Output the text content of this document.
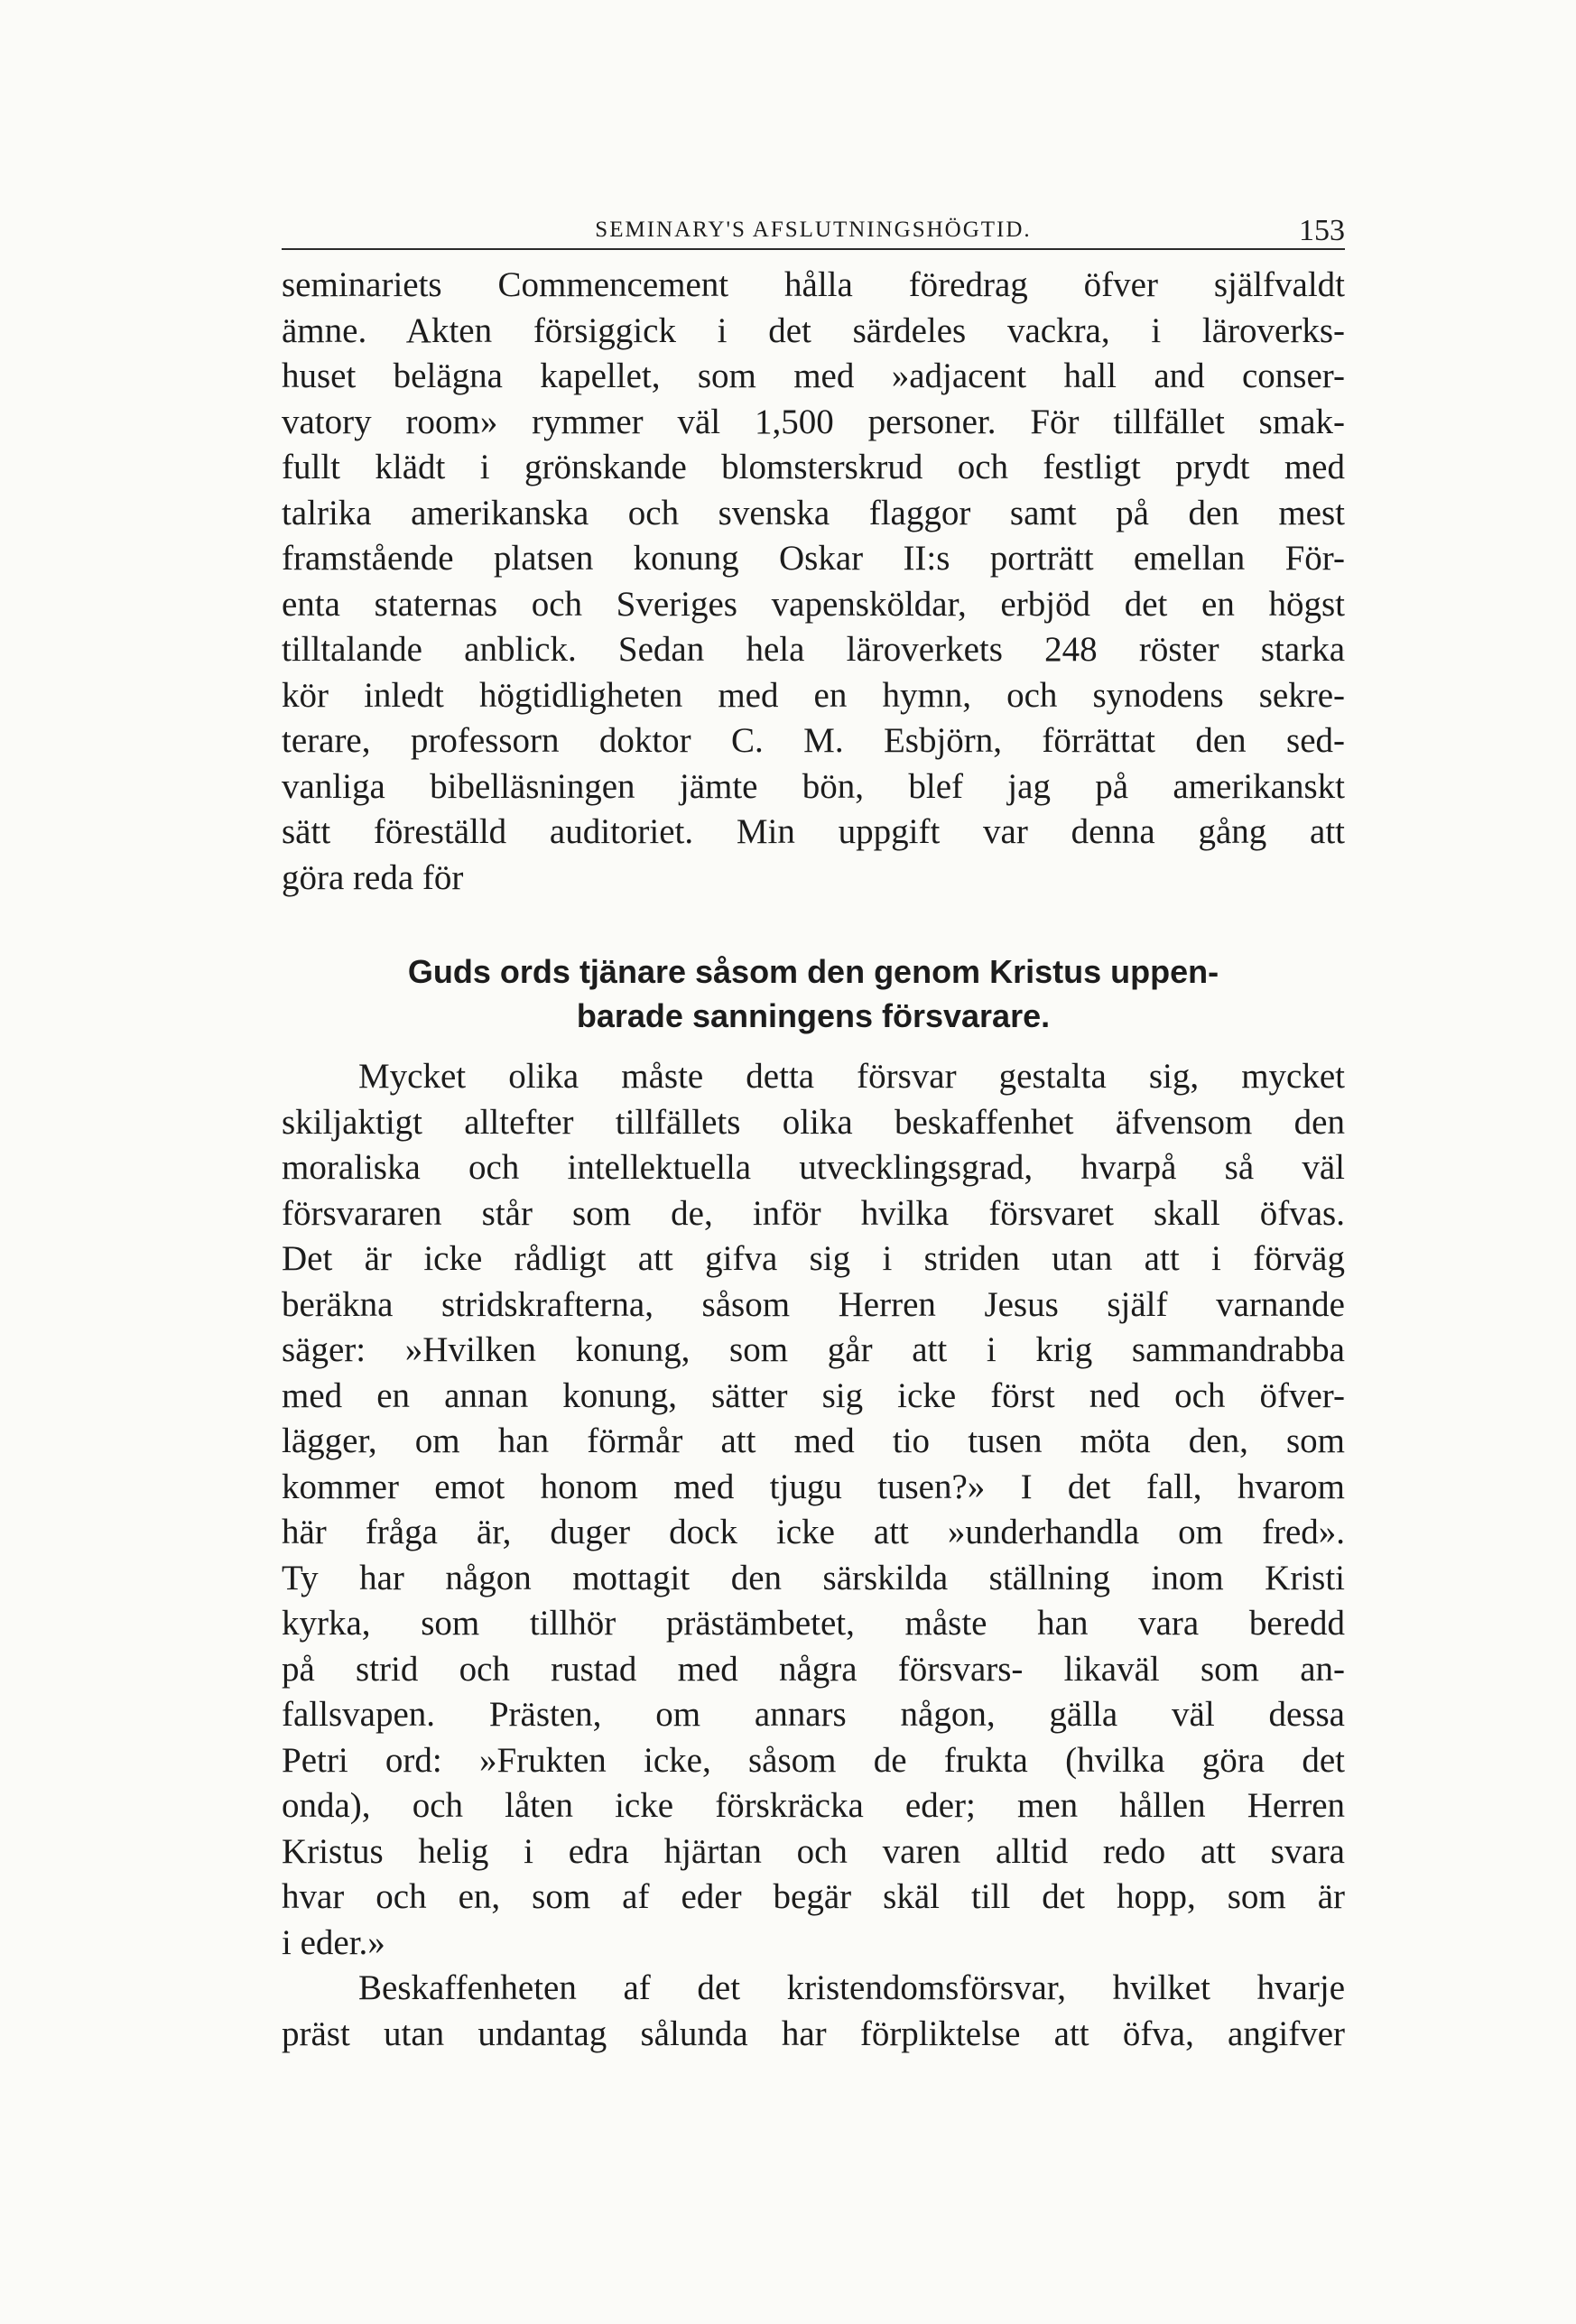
SEMINARY'S AFSLUTNINGSHÖGTID.	153
seminariets Commencement hålla föredrag öfver själfvaldt
ämne. Akten försiggick i det särdeles vackra, i läroverks-
huset belägna kapellet, som med »adjacent hall and conser-
vatory room» rymmer väl 1,500 personer. För tillfället smak-
fullt klädt i grönskande blomsterskrud och festligt prydt med
talrika amerikanska och svenska flaggor samt på den mest
framstående platsen konung Oskar II:s porträtt emellan För-
enta staternas och Sveriges vapensköldar, erbjöd det en högst
tilltalande anblick. Sedan hela läroverkets 248 röster starka
kör inledt högtidligheten med en hymn, och synodens sekre-
terare, professorn doktor C. M. Esbjörn, förrättat den sed-
vanliga bibelläsningen jämte bön, blef jag på amerikanskt
sätt föreställd auditoriet. Min uppgift var denna gång att
göra reda för
Guds ords tjänare såsom den genom Kristus uppen-
barade sanningens försvarare.
Mycket olika måste detta försvar gestalta sig, mycket
skiljaktigt alltefter tillfällets olika beskaffenhet äfvensom den
moraliska och intellektuella utvecklingsgrad, hvarpå så väl
försvararen står som de, inför hvilka försvaret skall öfvas.
Det är icke rådligt att gifva sig i striden utan att i förväg
beräkna stridskrafterna, såsom Herren Jesus själf varnande
säger: »Hvilken konung, som går att i krig sammandrabba
med en annan konung, sätter sig icke först ned och öfver-
lägger, om han förmår att med tio tusen möta den, som
kommer emot honom med tjugu tusen?» I det fall, hvarom
här fråga är, duger dock icke att »underhandla om fred».
Ty har någon mottagit den särskilda ställning inom Kristi
kyrka, som tillhör prästämbetet, måste han vara beredd
på strid och rustad med några försvars- likaväl som an-
fallsvapen. Prästen, om annars någon, gälla väl dessa
Petri ord: »Frukten icke, såsom de frukta (hvilka göra det
onda), och låten icke förskräcka eder; men hållen Herren
Kristus helig i edra hjärtan och varen alltid redo att svara
hvar och en, som af eder begär skäl till det hopp, som är
i eder.»
Beskaffenheten af det kristendomsförsvar, hvilket hvarje
präst utan undantag sålunda har förpliktelse att öfva, angifver
